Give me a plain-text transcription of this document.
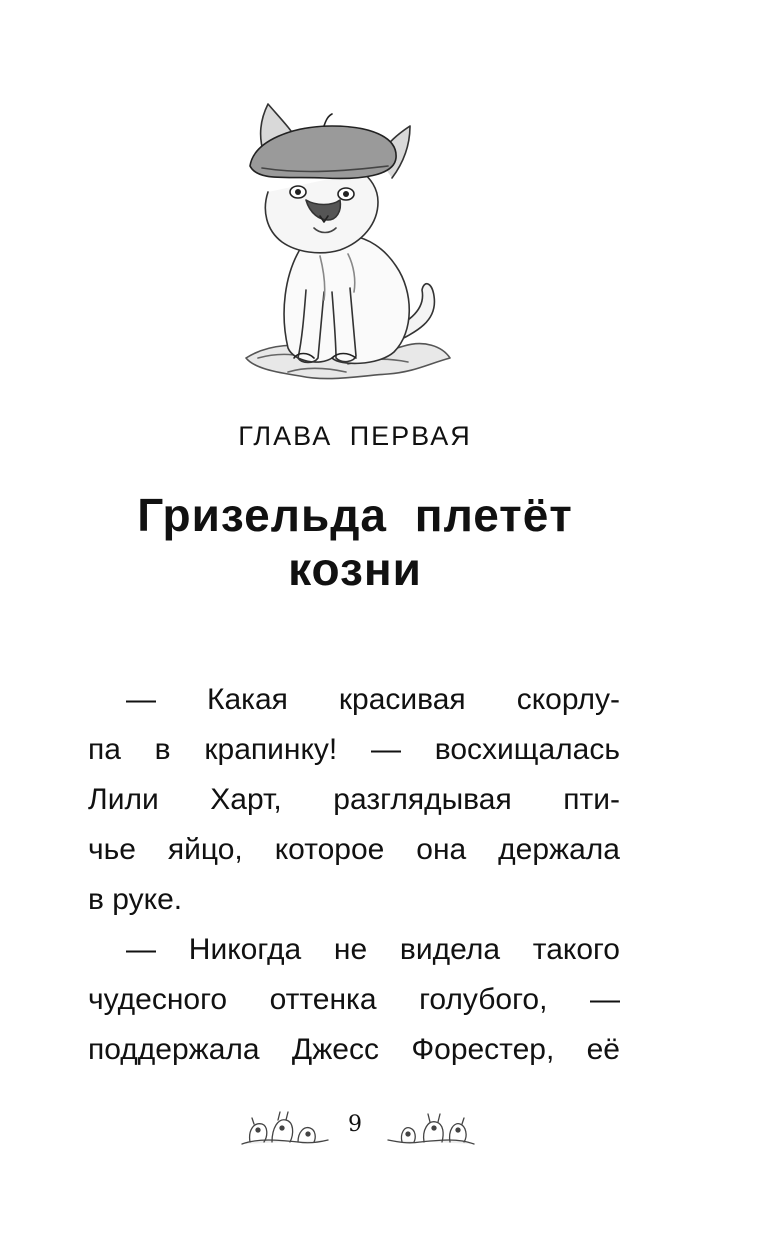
ГЛАВА ПЕРВАЯ
Гризельда плетёт
козни
— Какая красивая скорлу-
па в крапинку! — восхищалась
Лили Харт, разглядывая пти-
чье яйцо, которое она держала
в руке.
— Никогда не видела такого
чудесного оттенка голубого, —
поддержала Джесс Форестер, её
9
